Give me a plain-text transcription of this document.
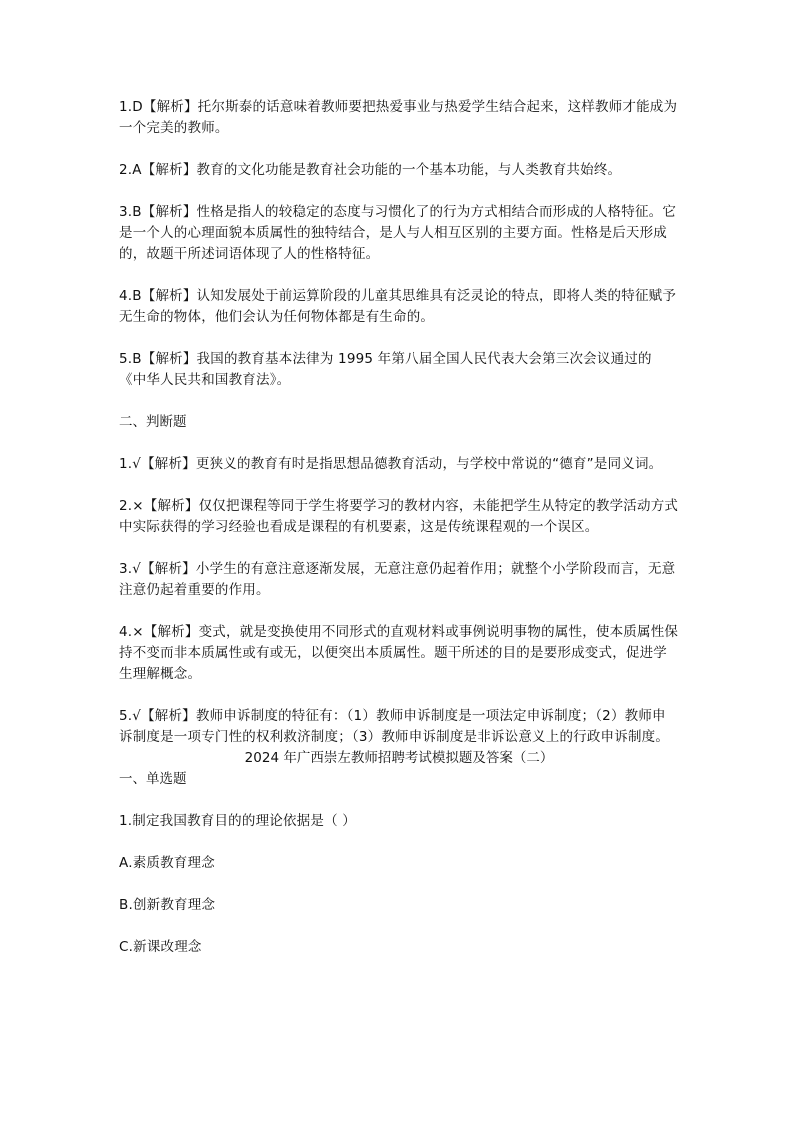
1.D【解析】托尔斯泰的话意味着教师要把热爱事业与热爱学生结合起来，这样教师才能成为一个完美的教师。

2.A【解析】教育的文化功能是教育社会功能的一个基本功能，与人类教育共始终。

3.B【解析】性格是指人的较稳定的态度与习惯化了的行为方式相结合而形成的人格特征。它是一个人的心理面貌本质属性的独特结合，是人与人相互区别的主要方面。性格是后天形成的，故题干所述词语体现了人的性格特征。

4.B【解析】认知发展处于前运算阶段的儿童其思维具有泛灵论的特点，即将人类的特征赋予无生命的物体，他们会认为任何物体都是有生命的。

5.B【解析】我国的教育基本法律为 1995 年第八届全国人民代表大会第三次会议通过的《中华人民共和国教育法》。

二、判断题

1.√【解析】更狭义的教育有时是指思想品德教育活动，与学校中常说的“德育”是同义词。

2.×【解析】仅仅把课程等同于学生将要学习的教材内容，未能把学生从特定的教学活动方式中实际获得的学习经验也看成是课程的有机要素，这是传统课程观的一个误区。

3.√【解析】小学生的有意注意逐渐发展，无意注意仍起着作用；就整个小学阶段而言，无意注意仍起着重要的作用。

4.×【解析】变式，就是变换使用不同形式的直观材料或事例说明事物的属性，使本质属性保持不变而非本质属性或有或无，以便突出本质属性。题干所述的目的是要形成变式，促进学生理解概念。

5.√【解析】教师申诉制度的特征有：（1）教师申诉制度是一项法定申诉制度；（2）教师申诉制度是一项专门性的权利救济制度；（3）教师申诉制度是非诉讼意义上的行政申诉制度。

2024 年广西崇左教师招聘考试模拟题及答案（二）

一、单选题

1.制定我国教育目的的理论依据是（ ）

A.素质教育理念

B.创新教育理念

C.新课改理念
